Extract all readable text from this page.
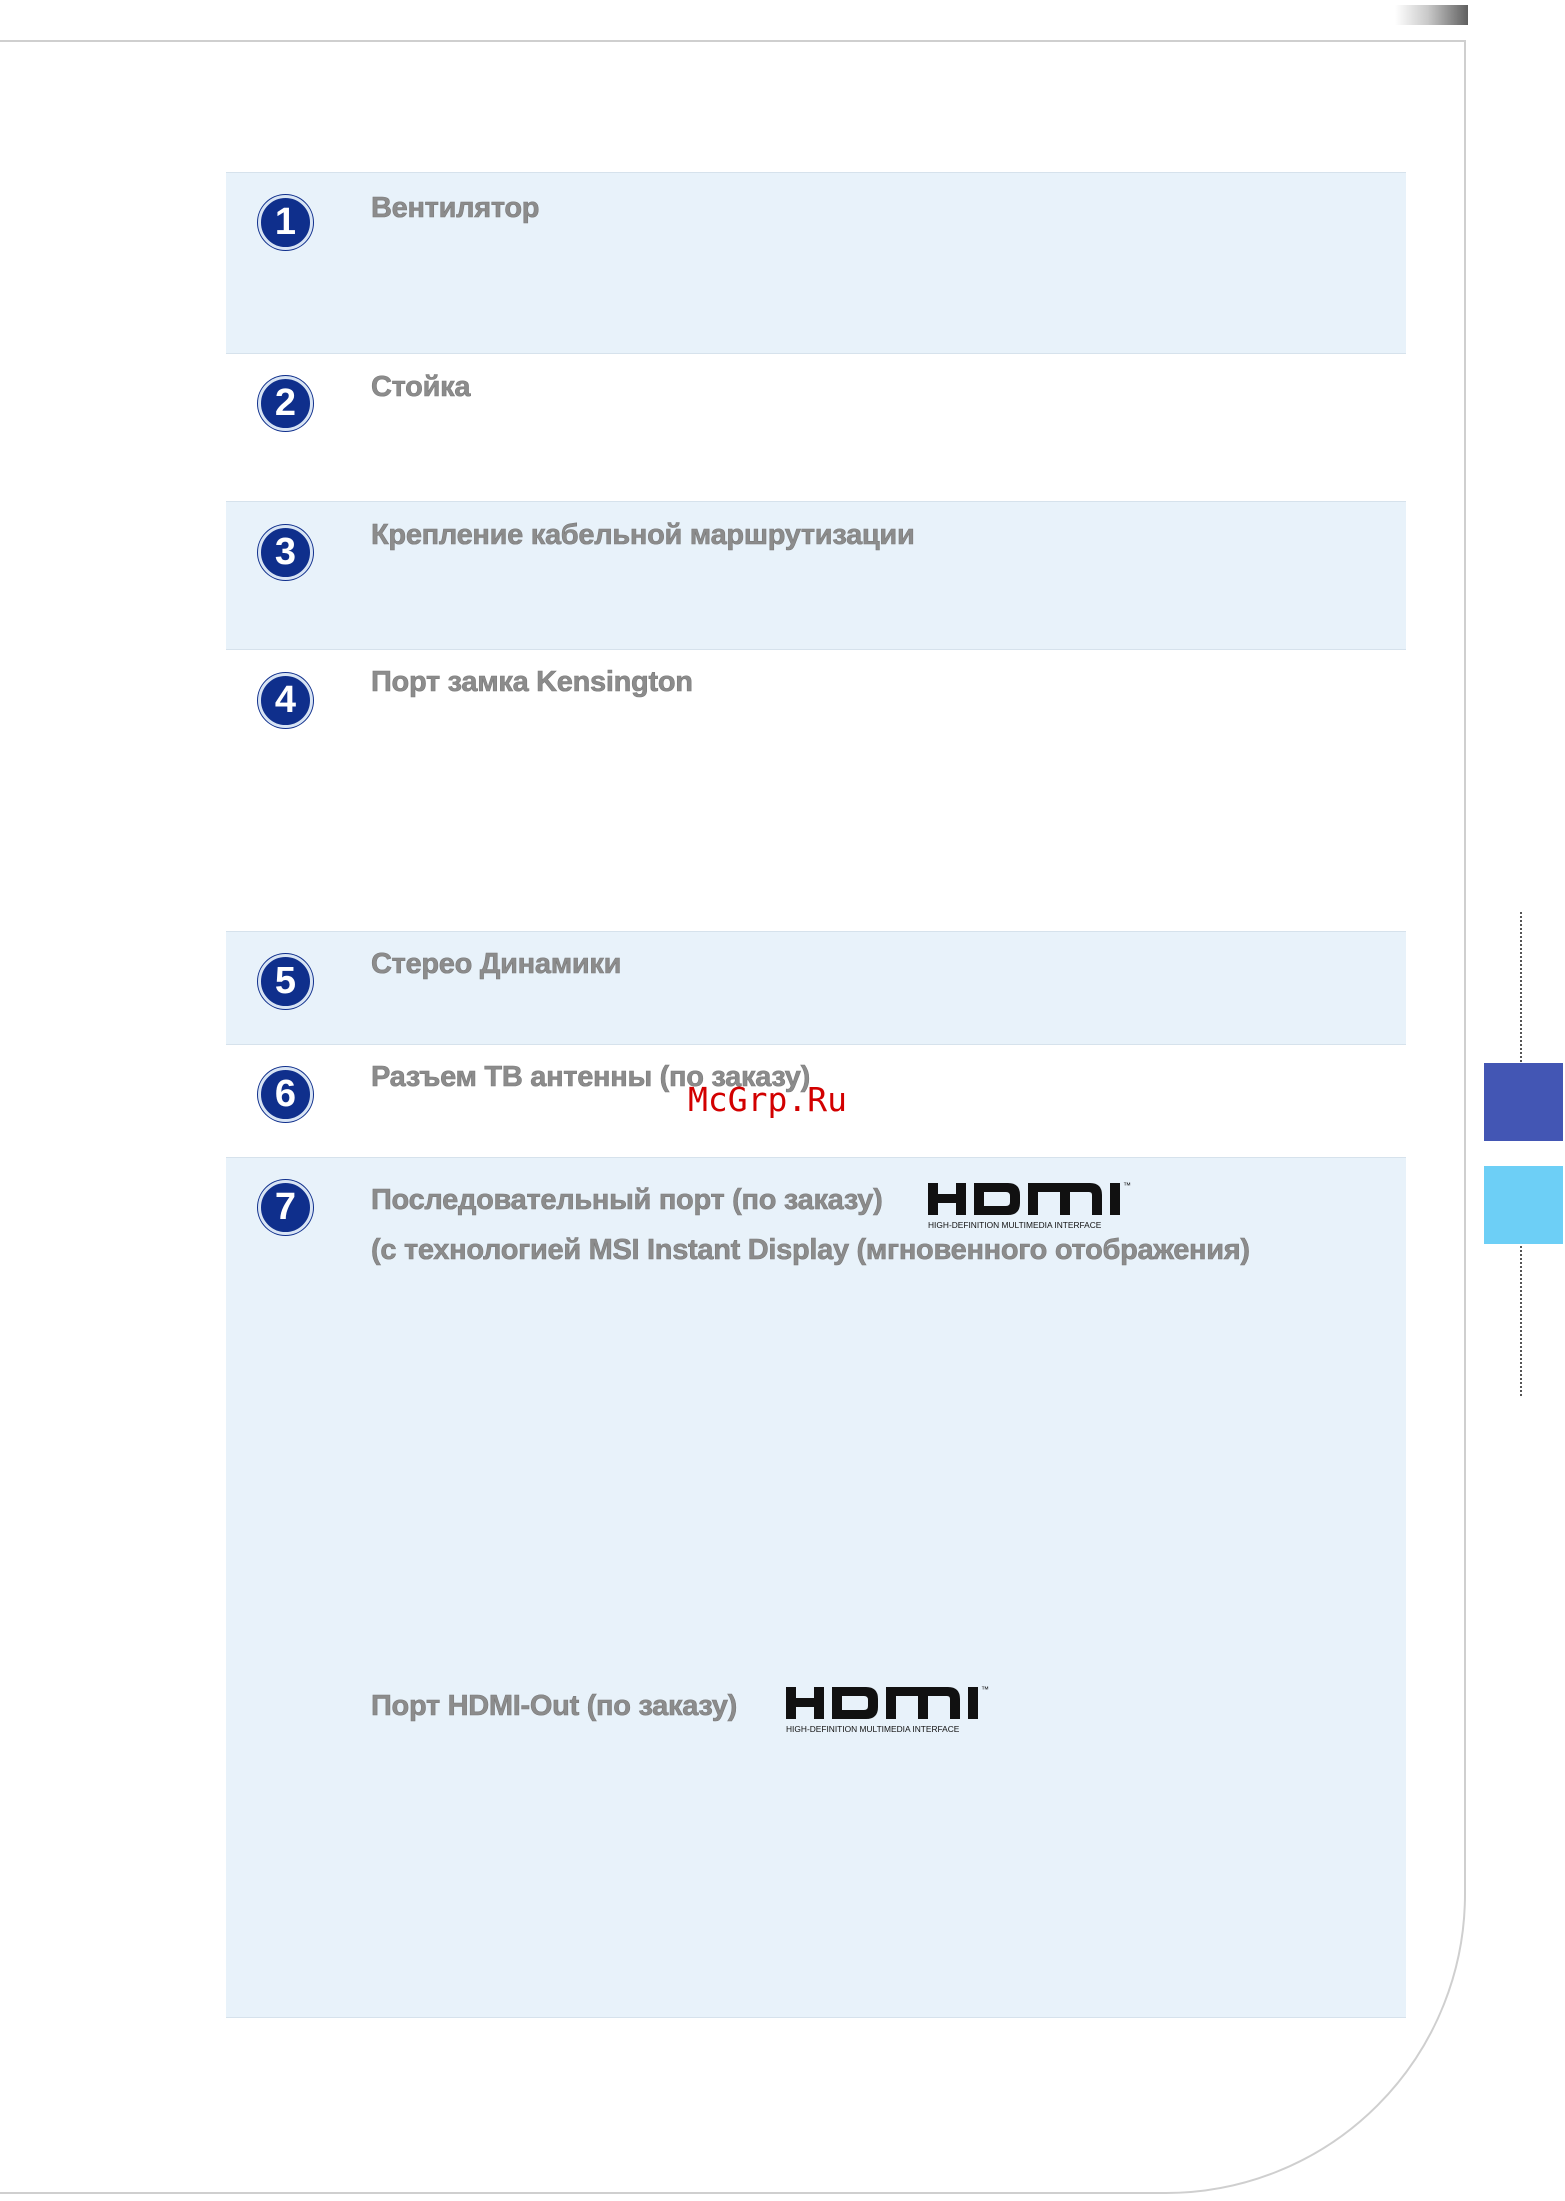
1	Вентилятор
2	Стойка
3	Крепление кабельной маршрутизации
4	Порт замка Kensington
5	Стерео Динамики
6	Разъем ТВ антенны (по заказу)
7	Последовательный порт (по заказу)	™
HIGH-DEFINITION MULTIMEDIA INTERFACE
(с технологией MSI Instant Display (мгновенного отображения)
Порт HDMI-Out (по заказу)
™
HIGH-DEFINITION MULTIMEDIA INTERFACE
McGrp.Ru
